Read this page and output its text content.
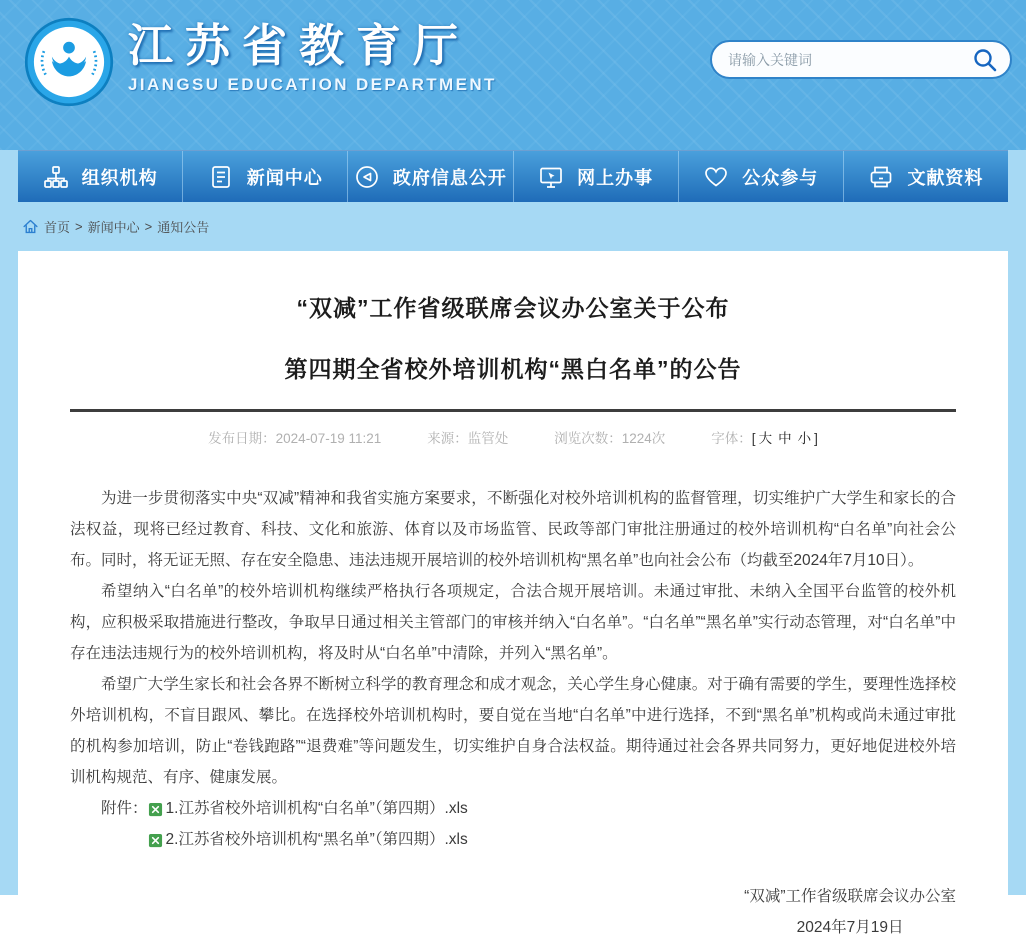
江苏省教育厅
JIANGSU EDUCATION DEPARTMENT
请输入关键词
组织机构	新闻中心	政府信息公开	网上办事	公众参与	文献资料
首页 > 新闻中心 > 通知公告
“双减”工作省级联席会议办公室关于公布
第四期全省校外培训机构“黑白名单”的公告
发布日期：2024-07-19 11:21	来源：监管处	浏览次数：1224次	字体：[ 大 中 小 ]

为进一步贯彻落实中央“双减”精神和我省实施方案要求，不断强化对校外培训机构的监督管理，切实维护广大学生和家长的合法权益，现将已经过教育、科技、文化和旅游、体育以及市场监管、民政等部门审批注册通过的校外培训机构“白名单”向社会公布。同时，将无证无照、存在安全隐患、违法违规开展培训的校外培训机构“黑名单”也向社会公布（均截至2024年7月10日）。

希望纳入“白名单”的校外培训机构继续严格执行各项规定，合法合规开展培训。未通过审批、未纳入全国平台监管的校外机构，应积极采取措施进行整改，争取早日通过相关主管部门的审核并纳入“白名单”。“白名单”“黑名单”实行动态管理，对“白名单”中存在违法违规行为的校外培训机构，将及时从“白名单”中清除，并列入“黑名单”。

希望广大学生家长和社会各界不断树立科学的教育理念和成才观念，关心学生身心健康。对于确有需要的学生，要理性选择校外培训机构，不盲目跟风、攀比。在选择校外培训机构时，要自觉在当地“白名单”中进行选择，不到“黑名单”机构或尚未通过审批的机构参加培训，防止“卷钱跑路”“退费难”等问题发生，切实维护自身合法权益。期待通过社会各界共同努力，更好地促进校外培训机构规范、有序、健康发展。

附件： 1.江苏省校外培训机构“白名单”（第四期）.xls
2.江苏省校外培训机构“黑名单”（第四期）.xls
“双减”工作省级联席会议办公室
2024年7月19日
